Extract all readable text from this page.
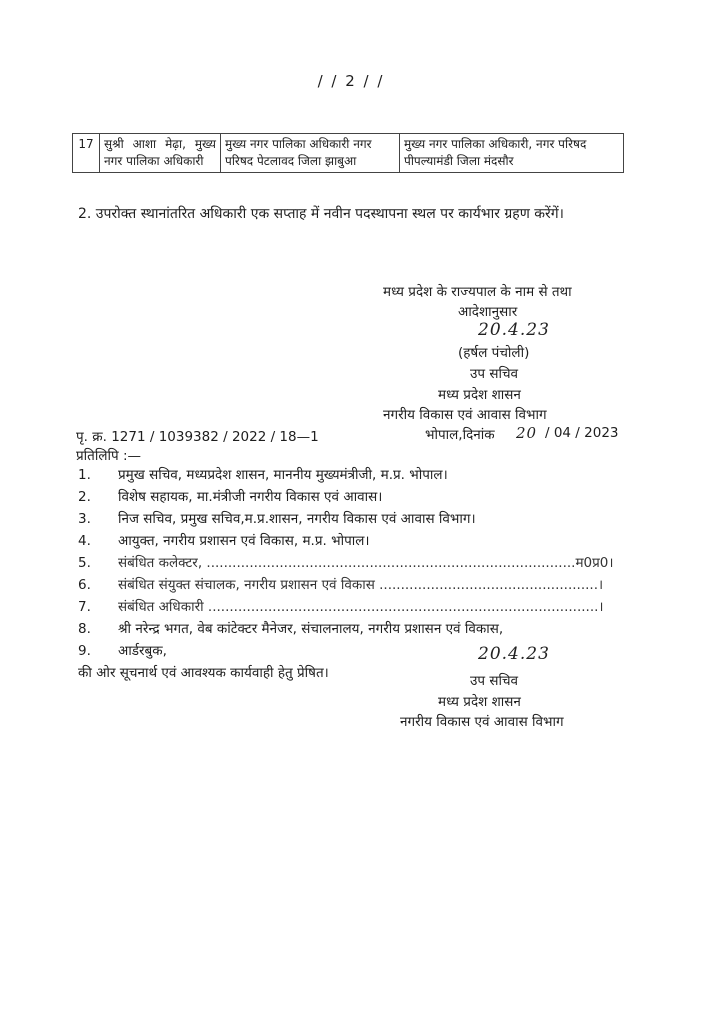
/ / 2 / /
17	सुश्री आशा मेढ़ा, मुख्य नगर पालिका अधिकारी	मुख्य नगर पालिका अधिकारी नगर परिषद पेटलावद जिला झाबुआ	मुख्य नगर पालिका अधिकारी, नगर परिषद पीपल्यामंडी जिला मंदसौर
2. उपरोक्त स्थानांतरित अधिकारी एक सप्ताह में नवीन पदस्थापना स्थल पर कार्यभार ग्रहण करेंगें।
मध्य प्रदेश के राज्यपाल के नाम से तथा
आदेशानुसार
20.4.23
(हर्षल पंचोली)
उप सचिव
मध्य प्रदेश शासन
नगरीय विकास एवं आवास विभाग
पृ. क्र. 1271 / 1039382 / 2022 / 18—1	भोपाल,दिनांक 20 / 04 / 2023
प्रतिलिपि :—
1. प्रमुख सचिव, मध्यप्रदेश शासन, माननीय मुख्यमंत्रीजी, म.प्र. भोपाल।
2. विशेष सहायक, मा.मंत्रीजी नगरीय विकास एवं आवास।
3. निज सचिव, प्रमुख सचिव,म.प्र.शासन, नगरीय विकास एवं आवास विभाग।
4. आयुक्त, नगरीय प्रशासन एवं विकास, म.प्र. भोपाल।
5. संबंधित कलेक्टर, ......................................................................................म0प्र0।
6. संबंधित संयुक्त संचालक, नगरीय प्रशासन एवं विकास ...................................................।
7. संबंधित अधिकारी ...........................................................................................।
8. श्री नरेन्द्र भगत, वेब कांटेक्टर मैनेजर, संचालनालय, नगरीय प्रशासन एवं विकास,
9. आर्डरबुक,
की ओर सूचनार्थ एवं आवश्यक कार्यवाही हेतु प्रेषित।
20.4.23
उप सचिव
मध्य प्रदेश शासन
नगरीय विकास एवं आवास विभाग
